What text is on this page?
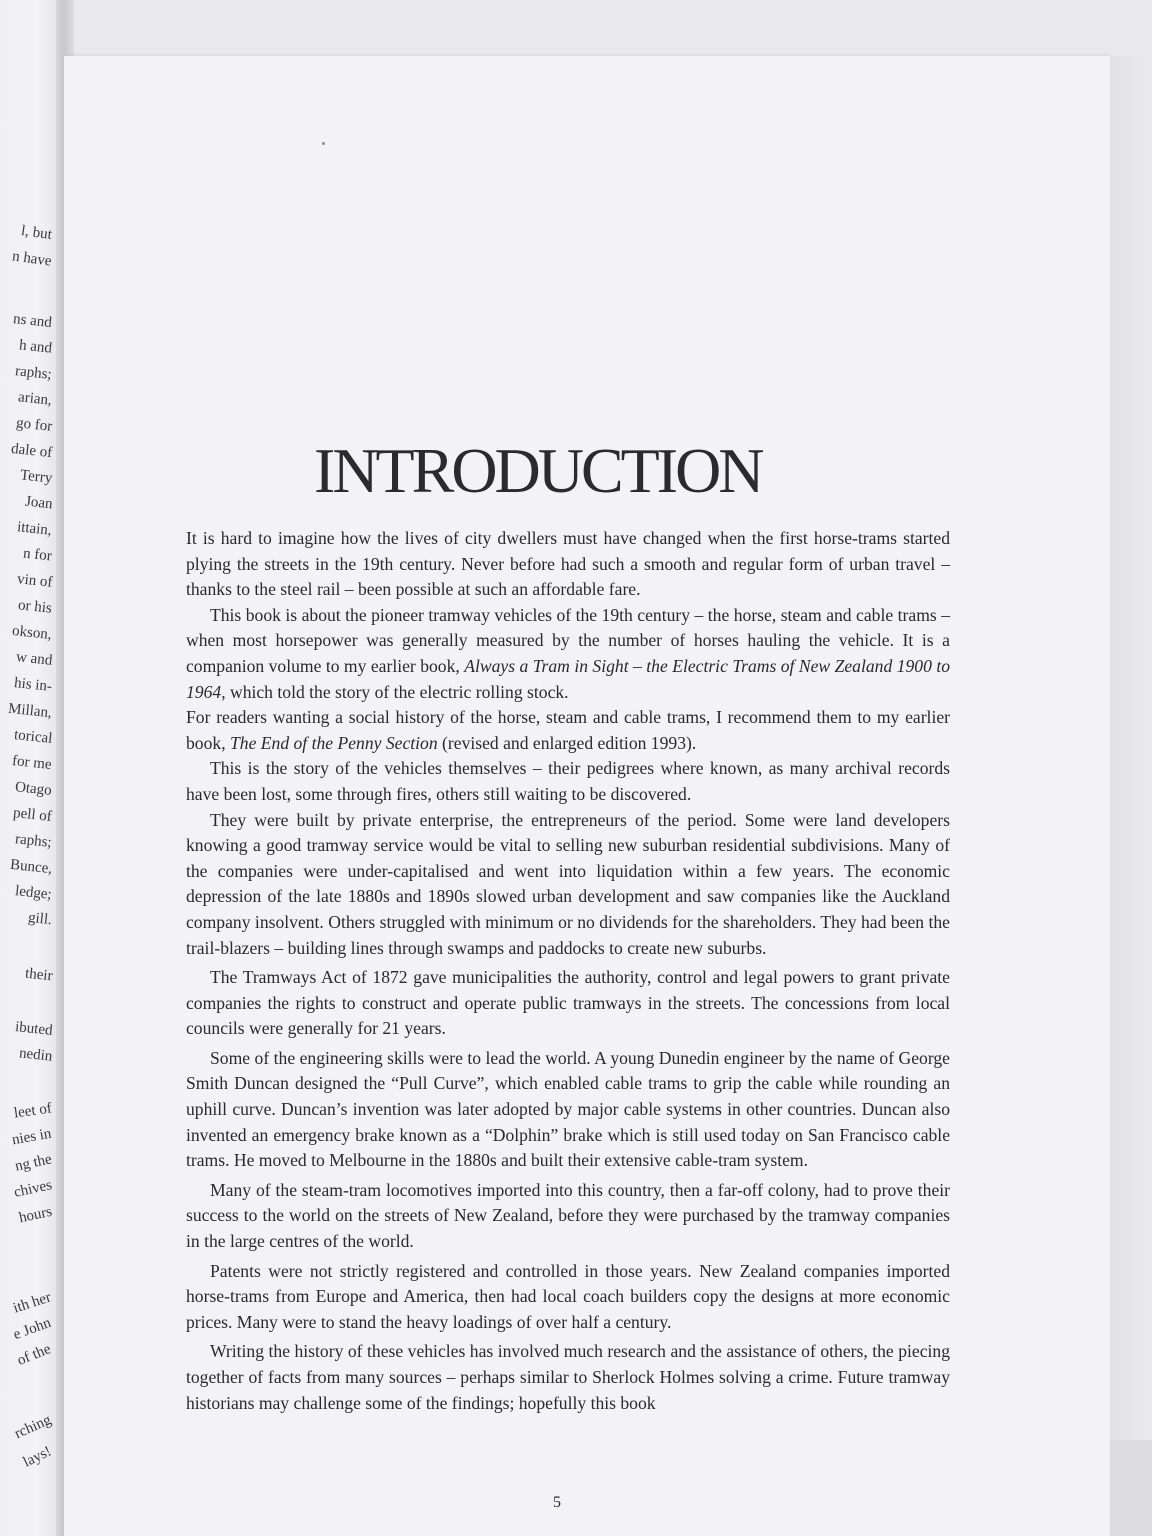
l, but
n have
ns and
h and
raphs;
arian,
go for
dale of
Terry
Joan
ittain,
n for
vin of
or his
okson,
w and
his in-
Millan,
torical
for me
Otago
pell of
raphs;
Bunce,
ledge;
gill.
their
ibuted
nedin
leet of
nies in
ng the
chives
hours
ith her
e John
of the
rching
lays!
INTRODUCTION

It is hard to imagine how the lives of city dwellers must have changed when the first horse-trams started plying the streets in the 19th century. Never before had such a smooth and regular form of urban travel – thanks to the steel rail – been possible at such an affordable fare.

This book is about the pioneer tramway vehicles of the 19th century – the horse, steam and cable trams – when most horsepower was generally measured by the number of horses hauling the vehicle. It is a companion volume to my earlier book, Always a Tram in Sight – the Electric Trams of New Zealand 1900 to 1964, which told the story of the electric rolling stock.

For readers wanting a social history of the horse, steam and cable trams, I recommend them to my earlier book, The End of the Penny Section (revised and enlarged edition 1993).

This is the story of the vehicles themselves – their pedigrees where known, as many archival records have been lost, some through fires, others still waiting to be discovered.

They were built by private enterprise, the entrepreneurs of the period. Some were land developers knowing a good tramway service would be vital to selling new suburban residential subdivisions. Many of the companies were under-capitalised and went into liquidation within a few years. The economic depression of the late 1880s and 1890s slowed urban development and saw companies like the Auckland company insolvent. Others struggled with minimum or no dividends for the shareholders. They had been the trail-blazers – building lines through swamps and paddocks to create new suburbs.

The Tramways Act of 1872 gave municipalities the authority, control and legal powers to grant private companies the rights to construct and operate public tramways in the streets. The concessions from local councils were generally for 21 years.

Some of the engineering skills were to lead the world. A young Dunedin engineer by the name of George Smith Duncan designed the “Pull Curve”, which enabled cable trams to grip the cable while rounding an uphill curve. Duncan’s invention was later adopted by major cable systems in other countries. Duncan also invented an emergency brake known as a “Dolphin” brake which is still used today on San Francisco cable trams. He moved to Melbourne in the 1880s and built their extensive cable-tram system.

Many of the steam-tram locomotives imported into this country, then a far-off colony, had to prove their success to the world on the streets of New Zealand, before they were purchased by the tramway companies in the large centres of the world.

Patents were not strictly registered and controlled in those years. New Zealand companies imported horse-trams from Europe and America, then had local coach builders copy the designs at more economic prices. Many were to stand the heavy loadings of over half a century.

Writing the history of these vehicles has involved much research and the assistance of others, the piecing together of facts from many sources – perhaps similar to Sherlock Holmes solving a crime. Future tramway historians may challenge some of the findings; hopefully this book

5
